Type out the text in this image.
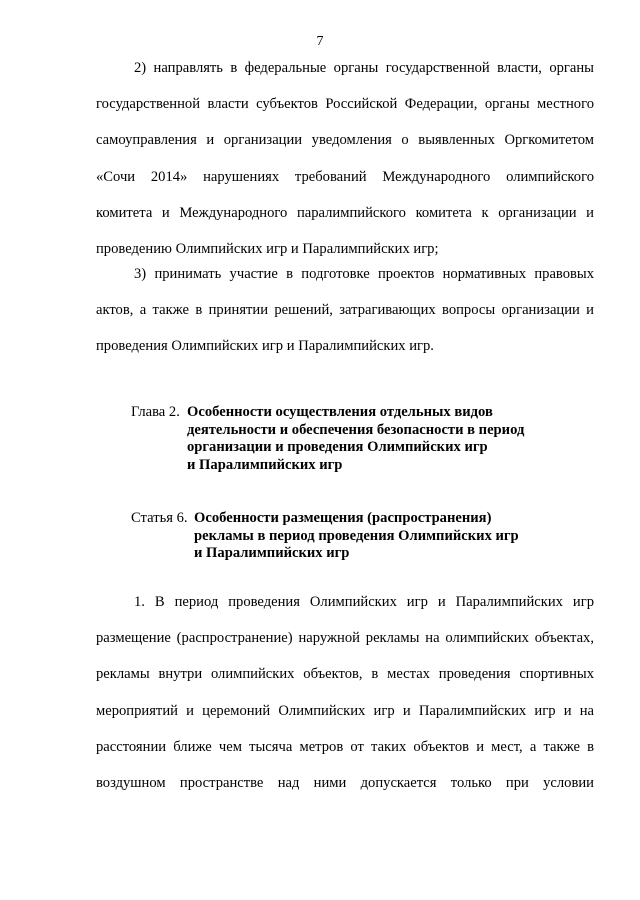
7
2) направлять в федеральные органы государственной власти, органы
государственной власти субъектов Российской Федерации, органы местного
самоуправления и организации уведомления о выявленных Оргкомитетом
«Сочи 2014» нарушениях требований Международного олимпийского
комитета и Международного паралимпийского комитета к организации и
проведению Олимпийских игр и Паралимпийских игр;
3) принимать участие в подготовке проектов нормативных правовых
актов, а также в принятии решений, затрагивающих вопросы организации и
проведения Олимпийских игр и Паралимпийских игр.
Глава 2. Особенности осуществления отдельных видов
деятельности и обеспечения безопасности в период
организации и проведения Олимпийских игр
и Паралимпийских игр
Статья 6. Особенности размещения (распространения)
рекламы в период проведения Олимпийских игр
и Паралимпийских игр
1. В период проведения Олимпийских игр и Паралимпийских игр
размещение (распространение) наружной рекламы на олимпийских объектах,
рекламы внутри олимпийских объектов, в местах проведения спортивных
мероприятий и церемоний Олимпийских игр и Паралимпийских игр и на
расстоянии ближе чем тысяча метров от таких объектов и мест, а также в
воздушном пространстве над ними допускается только при условии
